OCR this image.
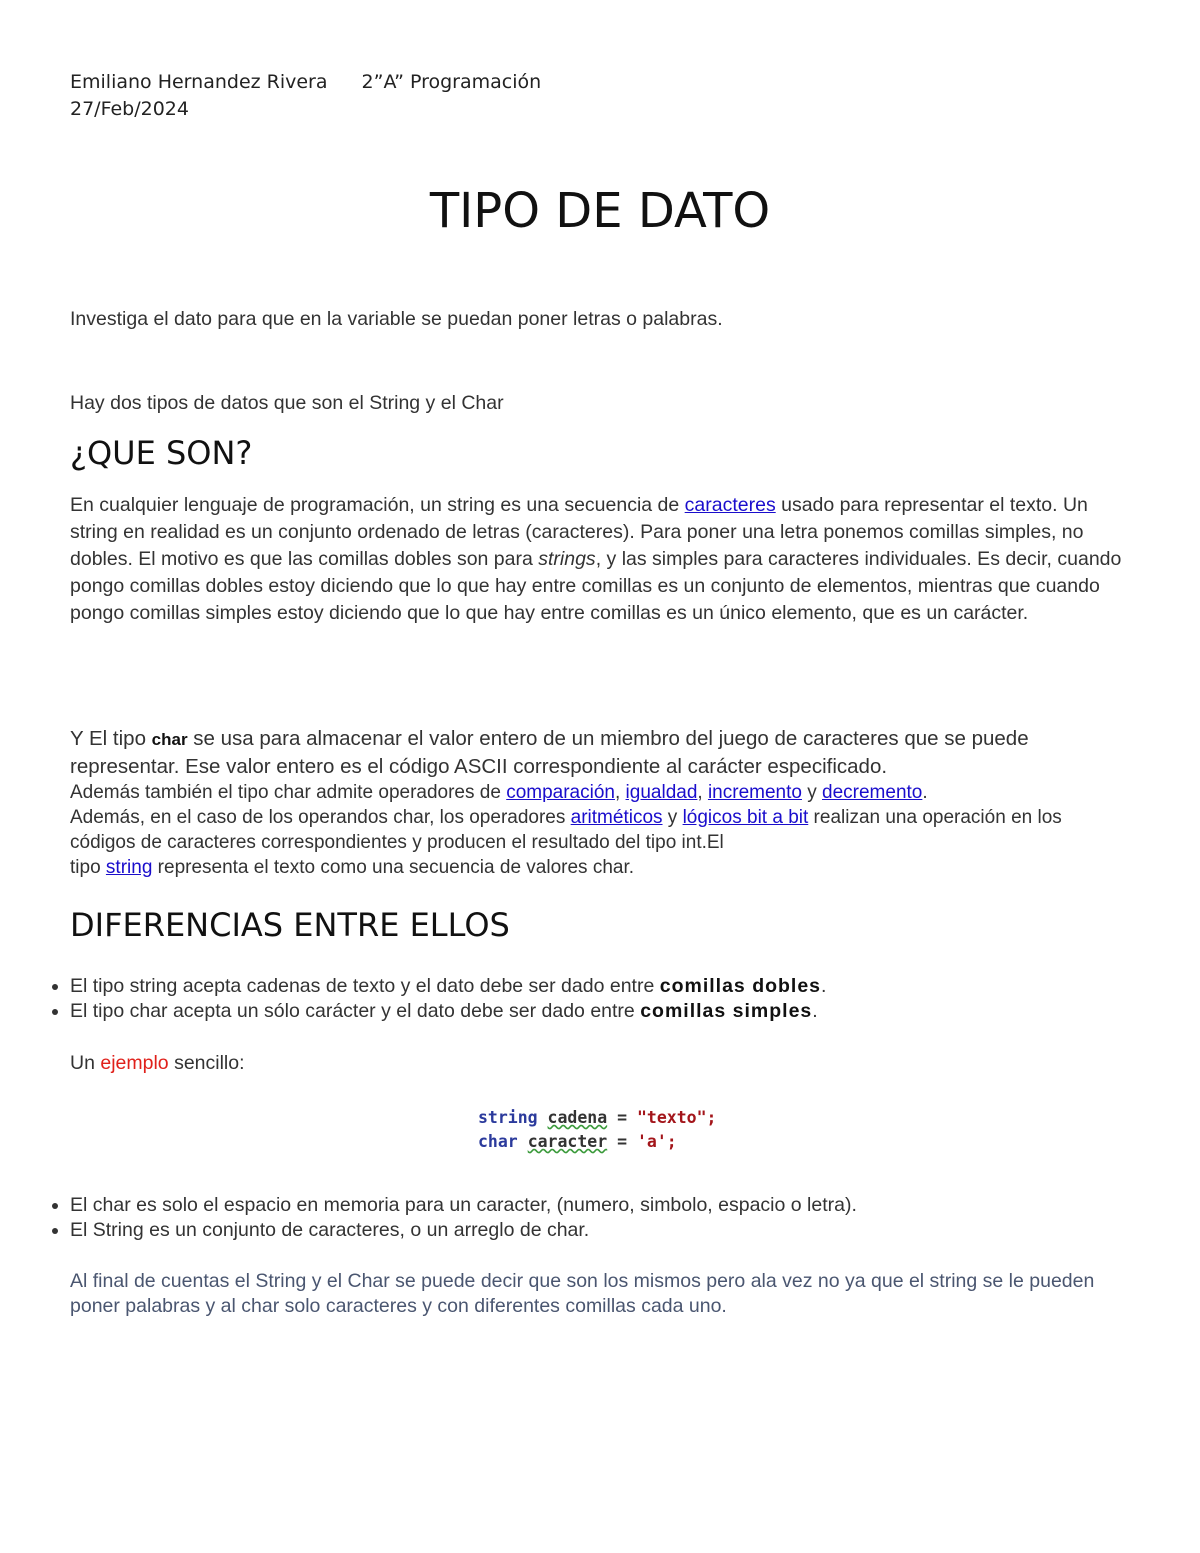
Emiliano Hernandez Rivera 2”A” Programación
27/Feb/2024
TIPO DE DATO
Investiga el dato para que en la variable se puedan poner letras o palabras.
Hay dos tipos de datos que son el String y el Char
¿QUE SON?
En cualquier lenguaje de programación, un string es una secuencia de caracteres usado para representar el texto. Un string en realidad es un conjunto ordenado de letras (caracteres). Para poner una letra ponemos comillas simples, no dobles. El motivo es que las comillas dobles son para strings, y las simples para caracteres individuales. Es decir, cuando pongo comillas dobles estoy diciendo que lo que hay entre comillas es un conjunto de elementos, mientras que cuando pongo comillas simples estoy diciendo que lo que hay entre comillas es un único elemento, que es un carácter.
Y El tipo char se usa para almacenar el valor entero de un miembro del juego de caracteres que se puede representar. Ese valor entero es el código ASCII correspondiente al carácter especificado.
Además también el tipo char admite operadores de comparación, igualdad, incremento y decremento.
Además, en el caso de los operandos char, los operadores aritméticos y lógicos bit a bit realizan una operación en los códigos de caracteres correspondientes y producen el resultado del tipo int.El
tipo string representa el texto como una secuencia de valores char.
DIFERENCIAS ENTRE ELLOS
• El tipo string acepta cadenas de texto y el dato debe ser dado entre comillas dobles.
• El tipo char acepta un sólo carácter y el dato debe ser dado entre comillas simples.
Un ejemplo sencillo:
string cadena = "texto";
char caracter = 'a';
• El char es solo el espacio en memoria para un caracter, (numero, simbolo, espacio o letra).
• El String es un conjunto de caracteres, o un arreglo de char.
Al final de cuentas el String y el Char se puede decir que son los mismos pero ala vez no ya que el string se le pueden poner palabras y al char solo caracteres y con diferentes comillas cada uno.
